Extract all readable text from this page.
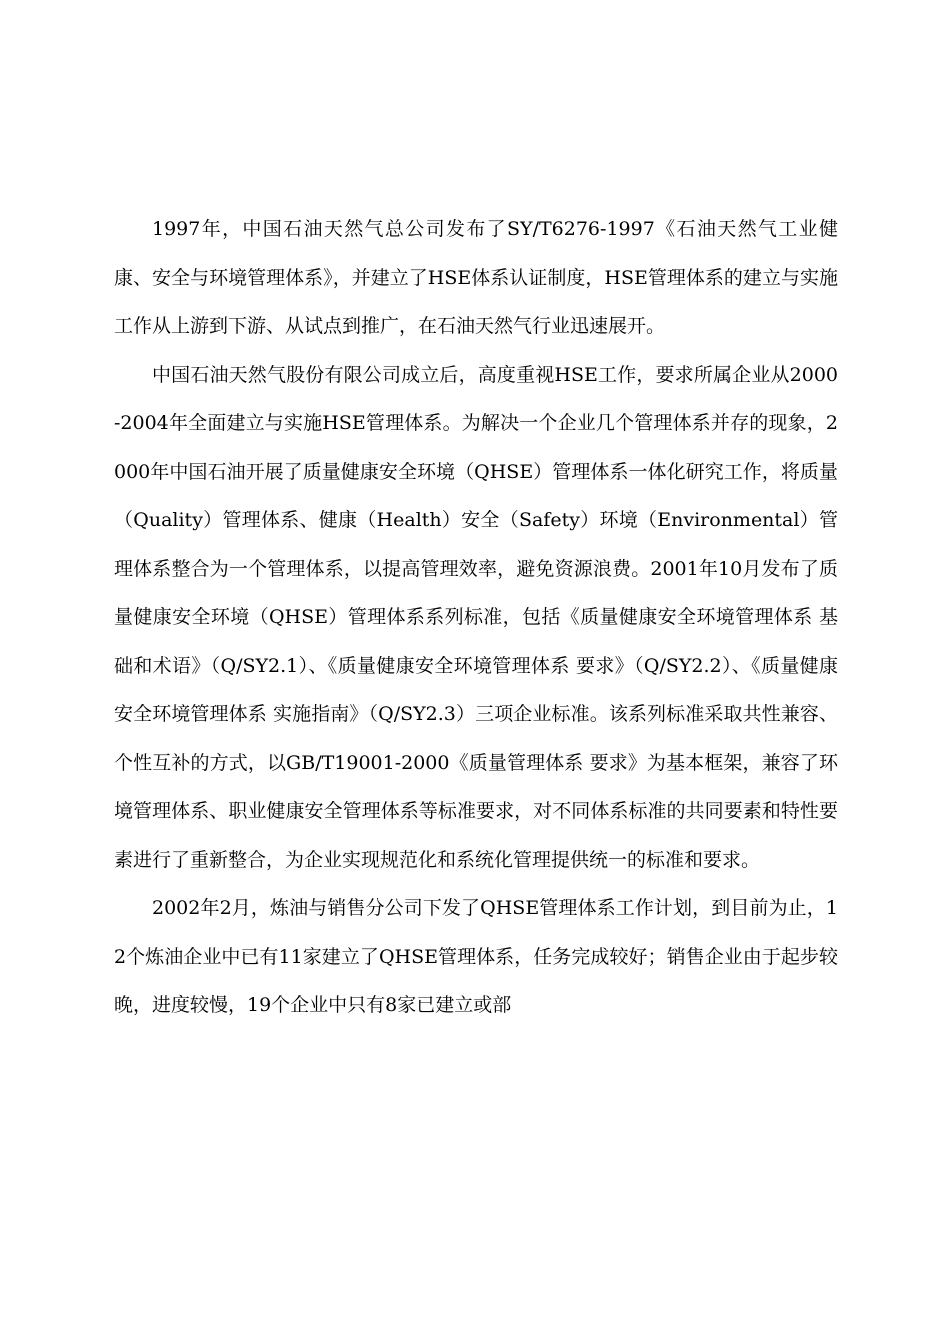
1997年，中国石油天然气总公司发布了SY/T6276-1997《石油天然气工业健康、安全与环境管理体系》，并建立了HSE体系认证制度，HSE管理体系的建立与实施工作从上游到下游、从试点到推广，在石油天然气行业迅速展开。

中国石油天然气股份有限公司成立后，高度重视HSE工作，要求所属企业从2000-2004年全面建立与实施HSE管理体系。为解决一个企业几个管理体系并存的现象，2000年中国石油开展了质量健康安全环境（QHSE）管理体系一体化研究工作，将质量（Quality）管理体系、健康（Health）安全（Safety）环境（Environmental）管理体系整合为一个管理体系，以提高管理效率，避免资源浪费。2001年10月发布了质量健康安全环境（QHSE）管理体系系列标准，包括《质量健康安全环境管理体系 基础和术语》（Q/SY2.1）、《质量健康安全环境管理体系 要求》（Q/SY2.2）、《质量健康安全环境管理体系 实施指南》（Q/SY2.3）三项企业标准。该系列标准采取共性兼容、个性互补的方式，以GB/T19001-2000《质量管理体系 要求》为基本框架，兼容了环境管理体系、职业健康安全管理体系等标准要求，对不同体系标准的共同要素和特性要素进行了重新整合，为企业实现规范化和系统化管理提供统一的标准和要求。

2002年2月，炼油与销售分公司下发了QHSE管理体系工作计划，到目前为止，12个炼油企业中已有11家建立了QHSE管理体系，任务完成较好；销售企业由于起步较晚，进度较慢，19个企业中只有8家已建立或部
